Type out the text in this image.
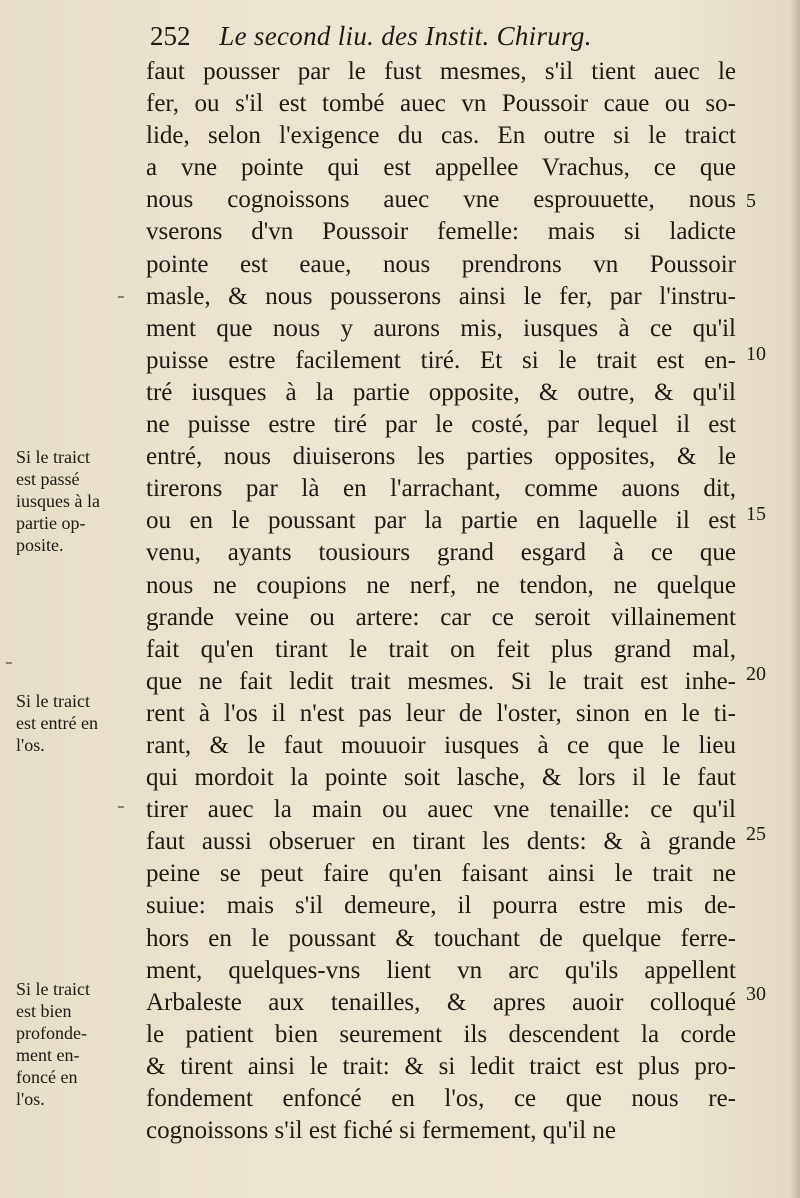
252 Le second liu. des Instit. Chirurg.
faut pousser par le fust mesmes, s'il tient auec le
fer, ou s'il est tombé auec vn Poussoir caue ou so-
lide, selon l'exigence du cas. En outre si le traict
a vne pointe qui est appellee Vrachus, ce que
nous cognoissons auec vne esprouuette, nous
vserons d'vn Poussoir femelle: mais si ladicte
pointe est eaue, nous prendrons vn Poussoir
masle, & nous pousserons ainsi le fer, par l'instru-
ment que nous y aurons mis, iusques à ce qu'il
puisse estre facilement tiré. Et si le trait est en-
tré iusques à la partie opposite, & outre, & qu'il
ne puisse estre tiré par le costé, par lequel il est
entré, nous diuiserons les parties opposites, & le
tirerons par là en l'arrachant, comme auons dit,
ou en le poussant par la partie en laquelle il est
venu, ayants tousiours grand esgard à ce que
nous ne coupions ne nerf, ne tendon, ne quelque
grande veine ou artere: car ce seroit villainement
fait qu'en tirant le trait on feit plus grand mal,
que ne fait ledit trait mesmes. Si le trait est inhe-
rent à l'os il n'est pas leur de l'oster, sinon en le ti-
rant, & le faut mouuoir iusques à ce que le lieu
qui mordoit la pointe soit lasche, & lors il le faut
tirer auec la main ou auec vne tenaille: ce qu'il
faut aussi obseruer en tirant les dents: & à grande
peine se peut faire qu'en faisant ainsi le trait ne
suiue: mais s'il demeure, il pourra estre mis de-
hors en le poussant & touchant de quelque ferre-
ment, quelques-vns lient vn arc qu'ils appellent
Arbaleste aux tenailles, & apres auoir colloqué
le patient bien seurement ils descendent la corde
& tirent ainsi le trait: & si ledit traict est plus pro-
fondement enfoncé en l'os, ce que nous re-
cognoissons s'il est fiché si fermement, qu'il ne
5
10
15
20
25
30
Si le traict
est passé
iusques à la
partie op-
posite.
Si le traict
est entré en
l'os.
Si le traict
est bien
profonde-
ment en-
foncé en
l'os.
